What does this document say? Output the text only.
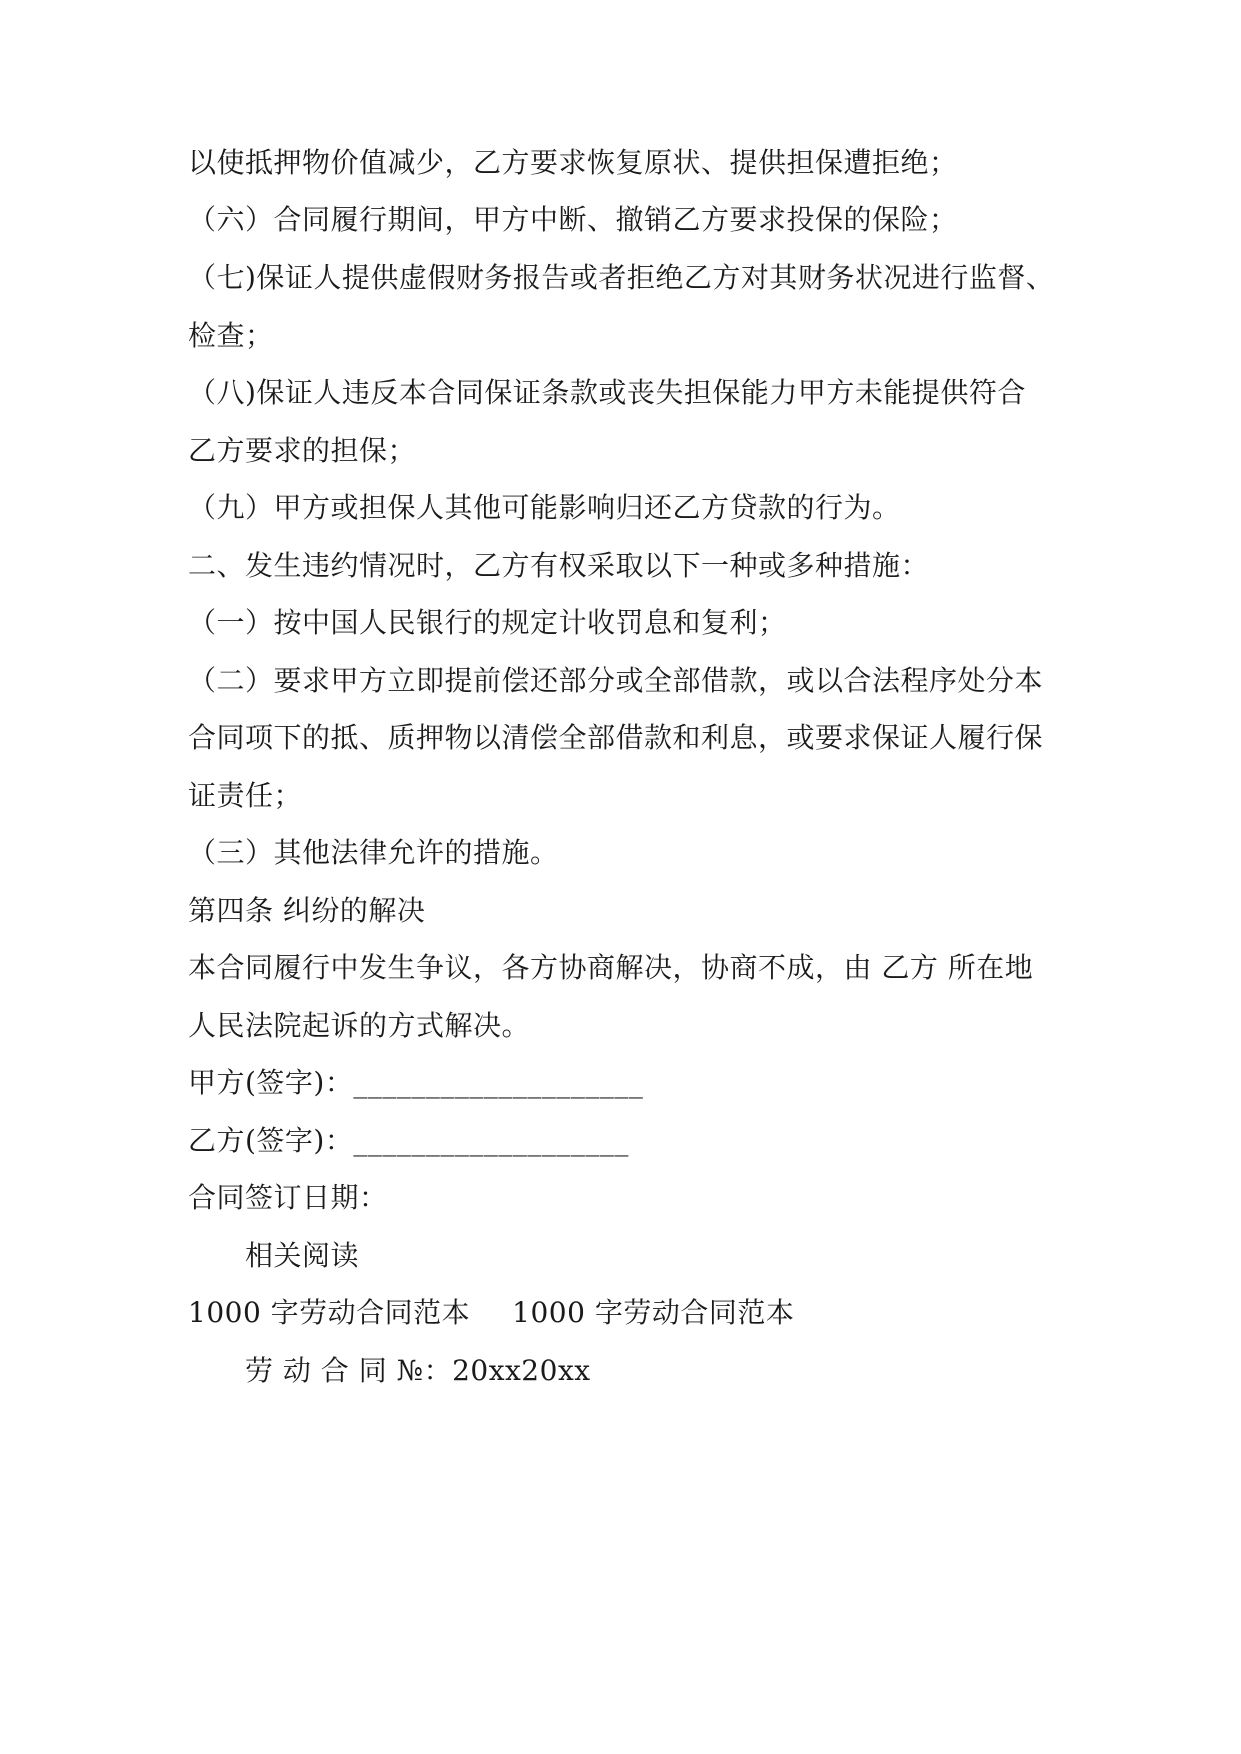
以使抵押物价值减少，乙方要求恢复原状、提供担保遭拒绝；
（六）合同履行期间，甲方中断、撤销乙方要求投保的保险；
（七)保证人提供虚假财务报告或者拒绝乙方对其财务状况进行监督、
检查；
（八)保证人违反本合同保证条款或丧失担保能力甲方未能提供符合
乙方要求的担保；
（九）甲方或担保人其他可能影响归还乙方贷款的行为。
二、发生违约情况时，乙方有权采取以下一种或多种措施：
（一）按中国人民银行的规定计收罚息和复利；
（二）要求甲方立即提前偿还部分或全部借款，或以合法程序处分本
合同项下的抵、质押物以清偿全部借款和利息，或要求保证人履行保
证责任；
（三）其他法律允许的措施。
第四条 纠纷的解决
本合同履行中发生争议，各方协商解决，协商不成，由 乙方 所在地
人民法院起诉的方式解决。
甲方(签字)：____________________
乙方(签字)：___________________
合同签订日期：
相关阅读
1000 字劳动合同范本 1000 字劳动合同范本
劳 动 合 同 №：20xx20xx
